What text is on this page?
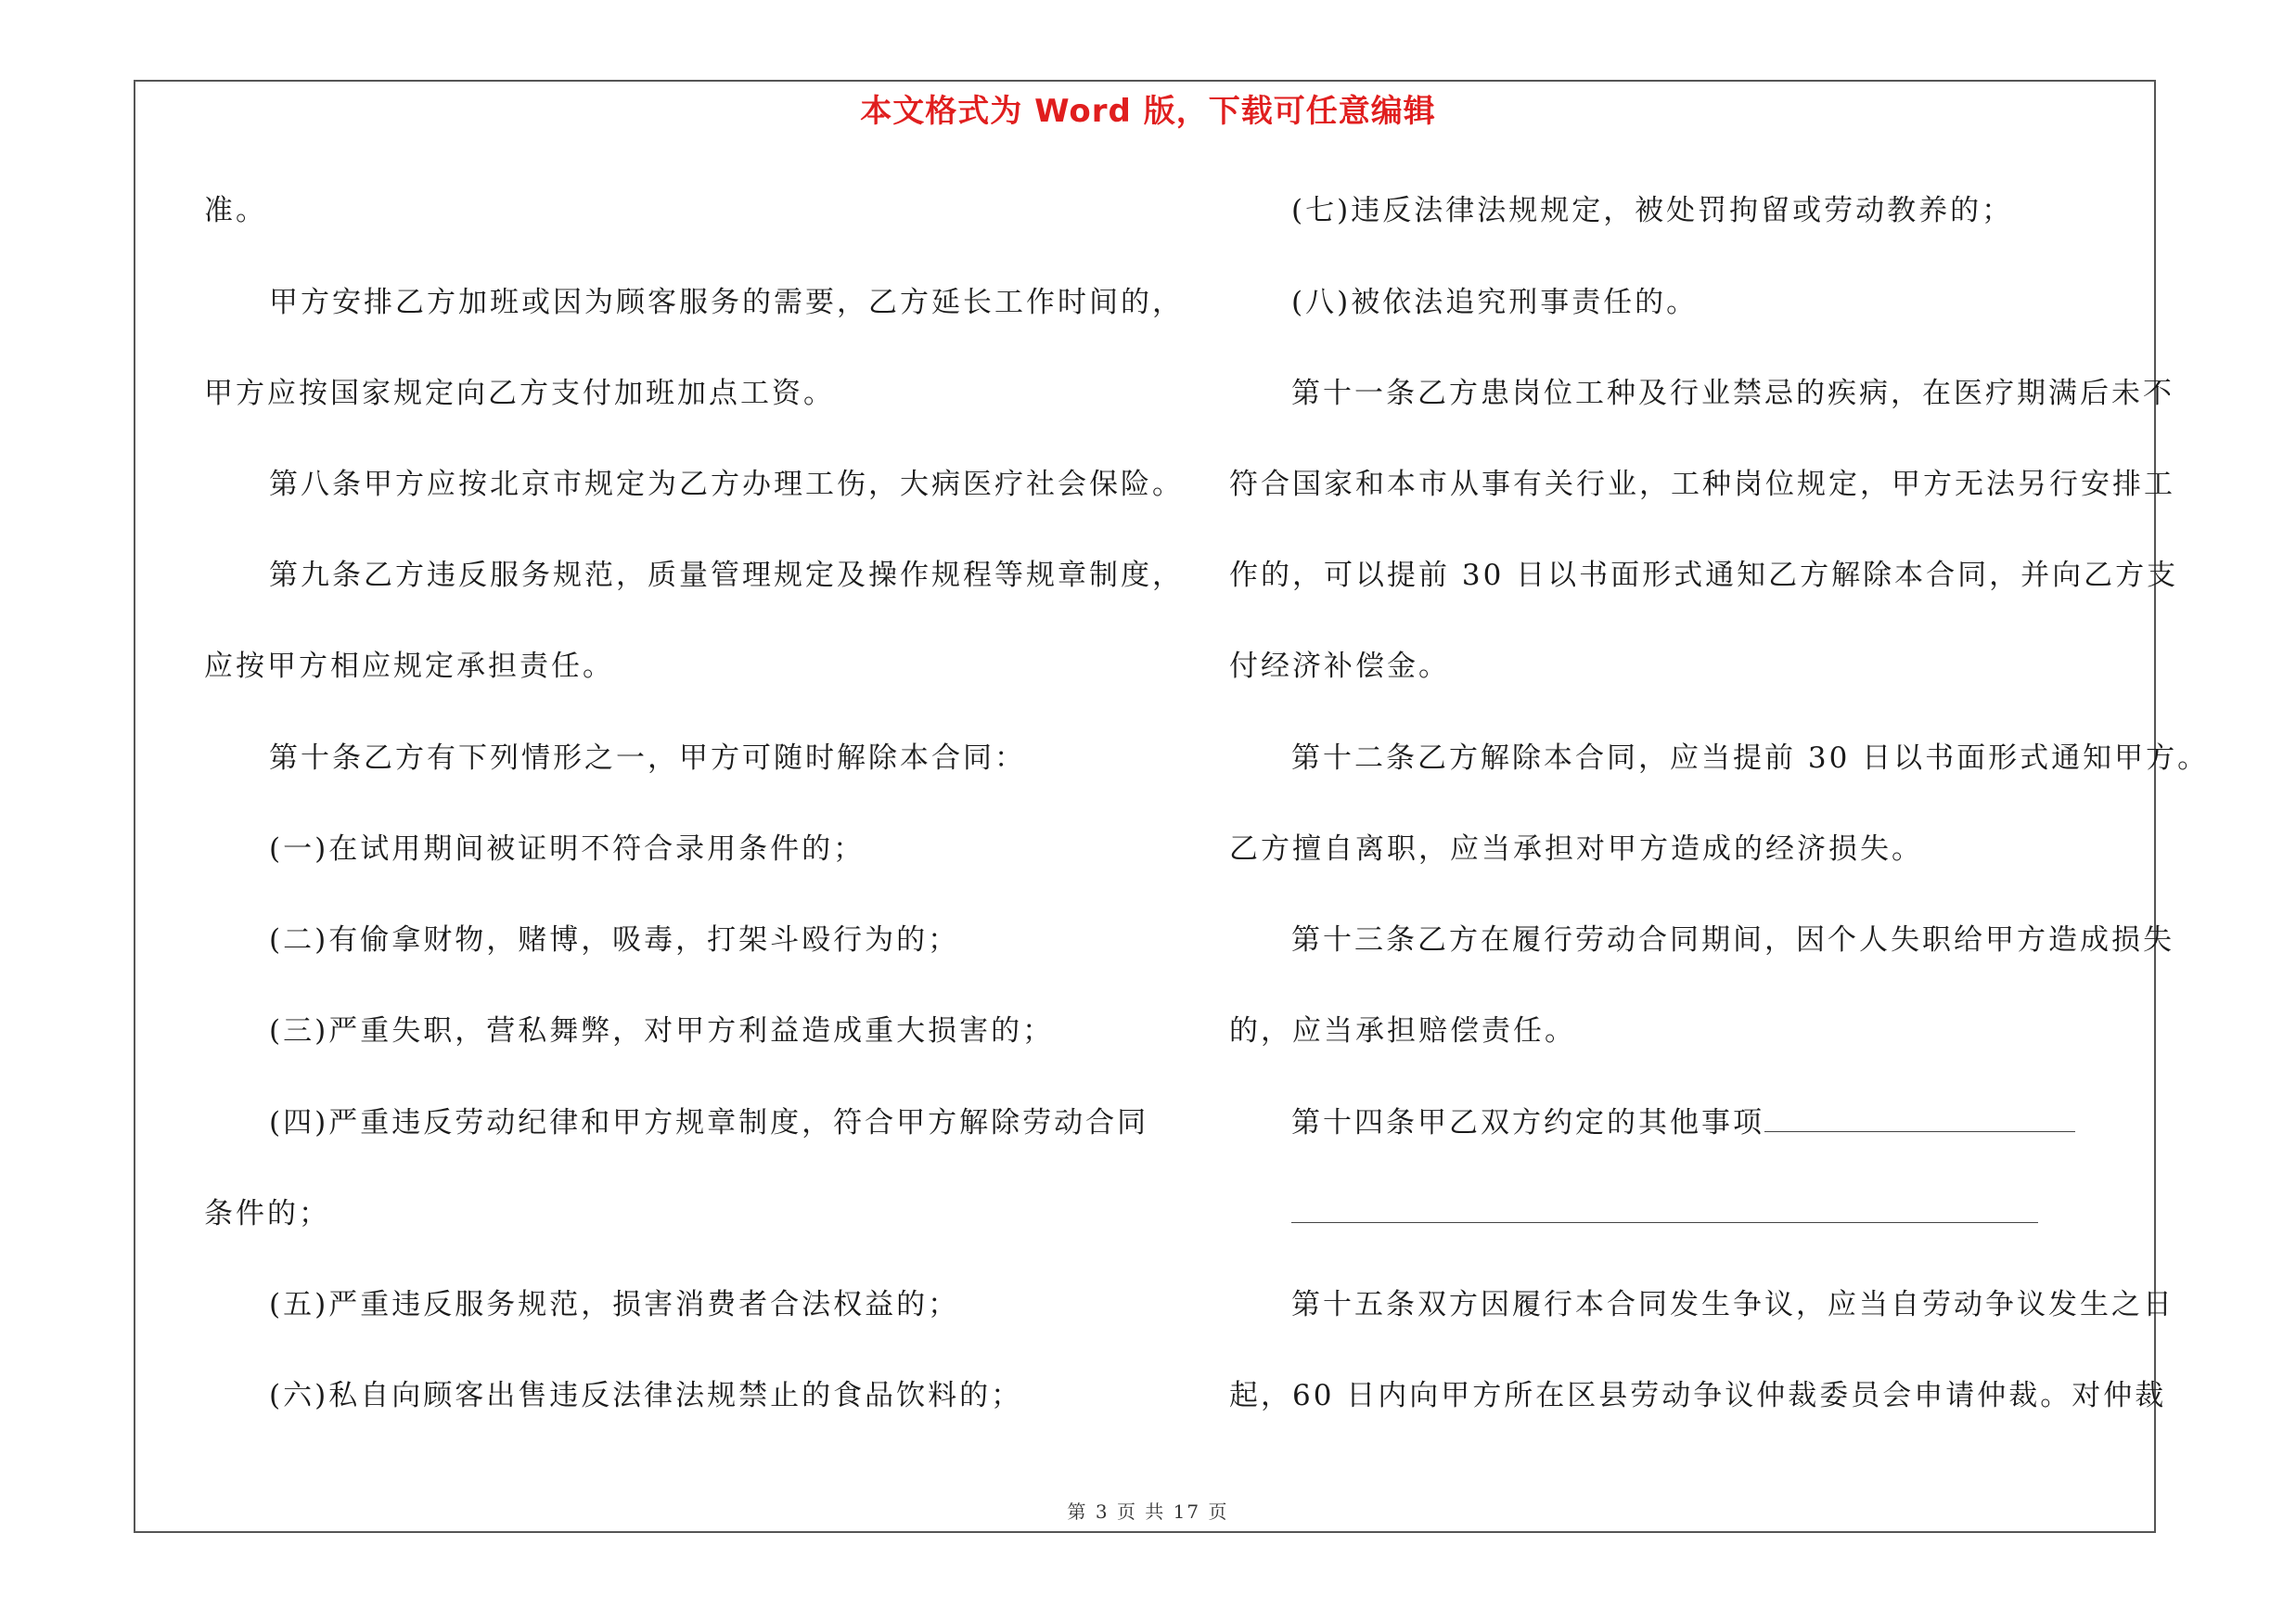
本文格式为 Word 版，下载可任意编辑
准。
甲方安排乙方加班或因为顾客服务的需要，乙方延长工作时间的，
甲方应按国家规定向乙方支付加班加点工资。
第八条甲方应按北京市规定为乙方办理工伤，大病医疗社会保险。
第九条乙方违反服务规范，质量管理规定及操作规程等规章制度，
应按甲方相应规定承担责任。
第十条乙方有下列情形之一，甲方可随时解除本合同：
(一)在试用期间被证明不符合录用条件的；
(二)有偷拿财物，赌博，吸毒，打架斗殴行为的；
(三)严重失职，营私舞弊，对甲方利益造成重大损害的；
(四)严重违反劳动纪律和甲方规章制度，符合甲方解除劳动合同
条件的；
(五)严重违反服务规范，损害消费者合法权益的；
(六)私自向顾客出售违反法律法规禁止的食品饮料的；
(七)违反法律法规规定，被处罚拘留或劳动教养的；
(八)被依法追究刑事责任的。
第十一条乙方患岗位工种及行业禁忌的疾病，在医疗期满后未不
符合国家和本市从事有关行业，工种岗位规定，甲方无法另行安排工
作的，可以提前 30 日以书面形式通知乙方解除本合同，并向乙方支
付经济补偿金。
第十二条乙方解除本合同，应当提前 30 日以书面形式通知甲方。
乙方擅自离职，应当承担对甲方造成的经济损失。
第十三条乙方在履行劳动合同期间，因个人失职给甲方造成损失
的，应当承担赔偿责任。
第十四条甲乙双方约定的其他事项
第十五条双方因履行本合同发生争议，应当自劳动争议发生之日
起，60 日内向甲方所在区县劳动争议仲裁委员会申请仲裁。对仲裁
第 3 页 共 17 页
